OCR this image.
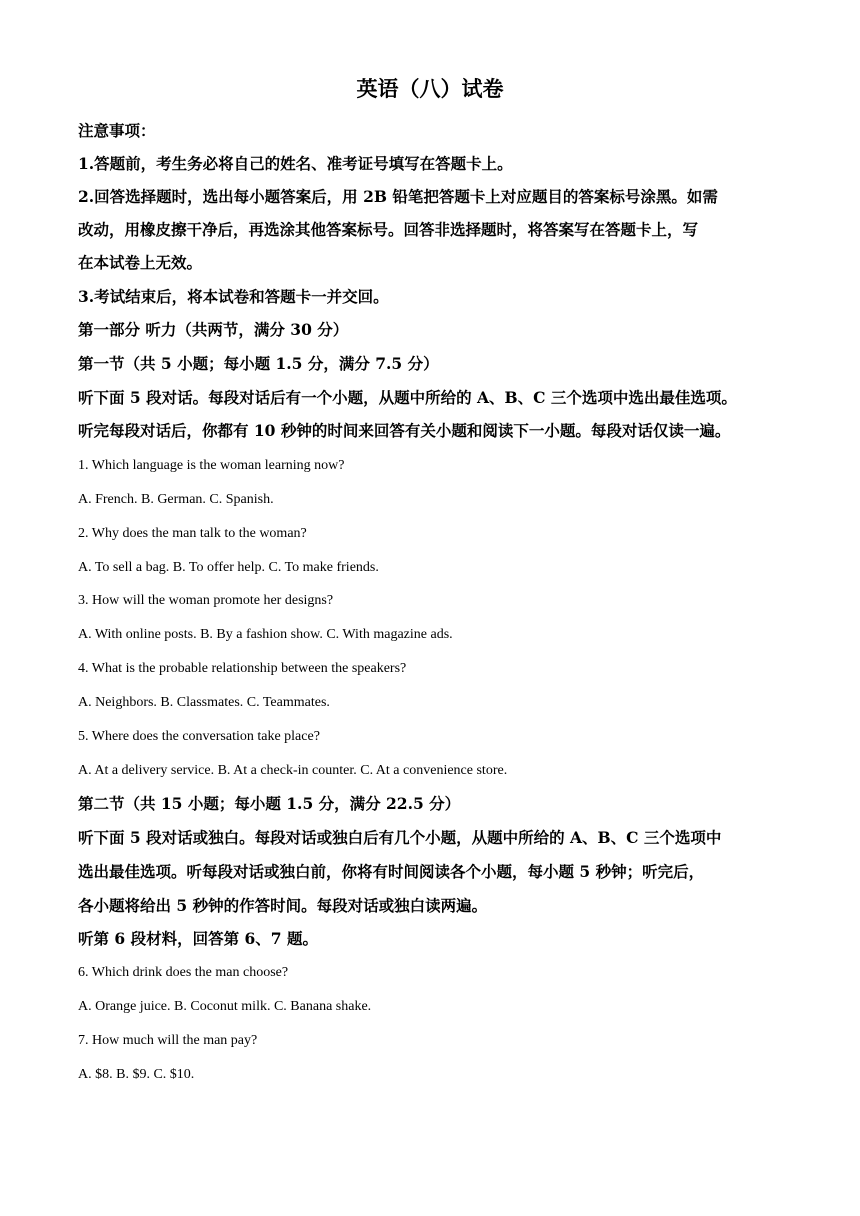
英语（八）试卷
注意事项：
1.答题前，考生务必将自己的姓名、准考证号填写在答题卡上。
2.回答选择题时，选出每小题答案后，用 2B 铅笔把答题卡上对应题目的答案标号涂黑。如需
改动，用橡皮擦干净后，再选涂其他答案标号。回答非选择题时，将答案写在答题卡上，写
在本试卷上无效。
3.考试结束后，将本试卷和答题卡一并交回。
第一部分 听力（共两节，满分 30 分）
第一节（共 5 小题；每小题 1.5 分，满分 7.5 分）
听下面 5 段对话。每段对话后有一个小题，从题中所给的 A、B、C 三个选项中选出最佳选项。
听完每段对话后，你都有 10 秒钟的时间来回答有关小题和阅读下一小题。每段对话仅读一遍。
1. Which language is the woman learning now?
A. French. B. German. C. Spanish.
2. Why does the man talk to the woman?
A. To sell a bag. B. To offer help. C. To make friends.
3. How will the woman promote her designs?
A. With online posts. B. By a fashion show. C. With magazine ads.
4. What is the probable relationship between the speakers?
A. Neighbors. B. Classmates. C. Teammates.
5. Where does the conversation take place?
A. At a delivery service. B. At a check-in counter. C. At a convenience store.
第二节（共 15 小题；每小题 1.5 分，满分 22.5 分）
听下面 5 段对话或独白。每段对话或独白后有几个小题，从题中所给的 A、B、C 三个选项中
选出最佳选项。听每段对话或独白前，你将有时间阅读各个小题，每小题 5 秒钟；听完后，
各小题将给出 5 秒钟的作答时间。每段对话或独白读两遍。
听第 6 段材料，回答第 6、7 题。
6. Which drink does the man choose?
A. Orange juice. B. Coconut milk. C. Banana shake.
7. How much will the man pay?
A. $8. B. $9. C. $10.
